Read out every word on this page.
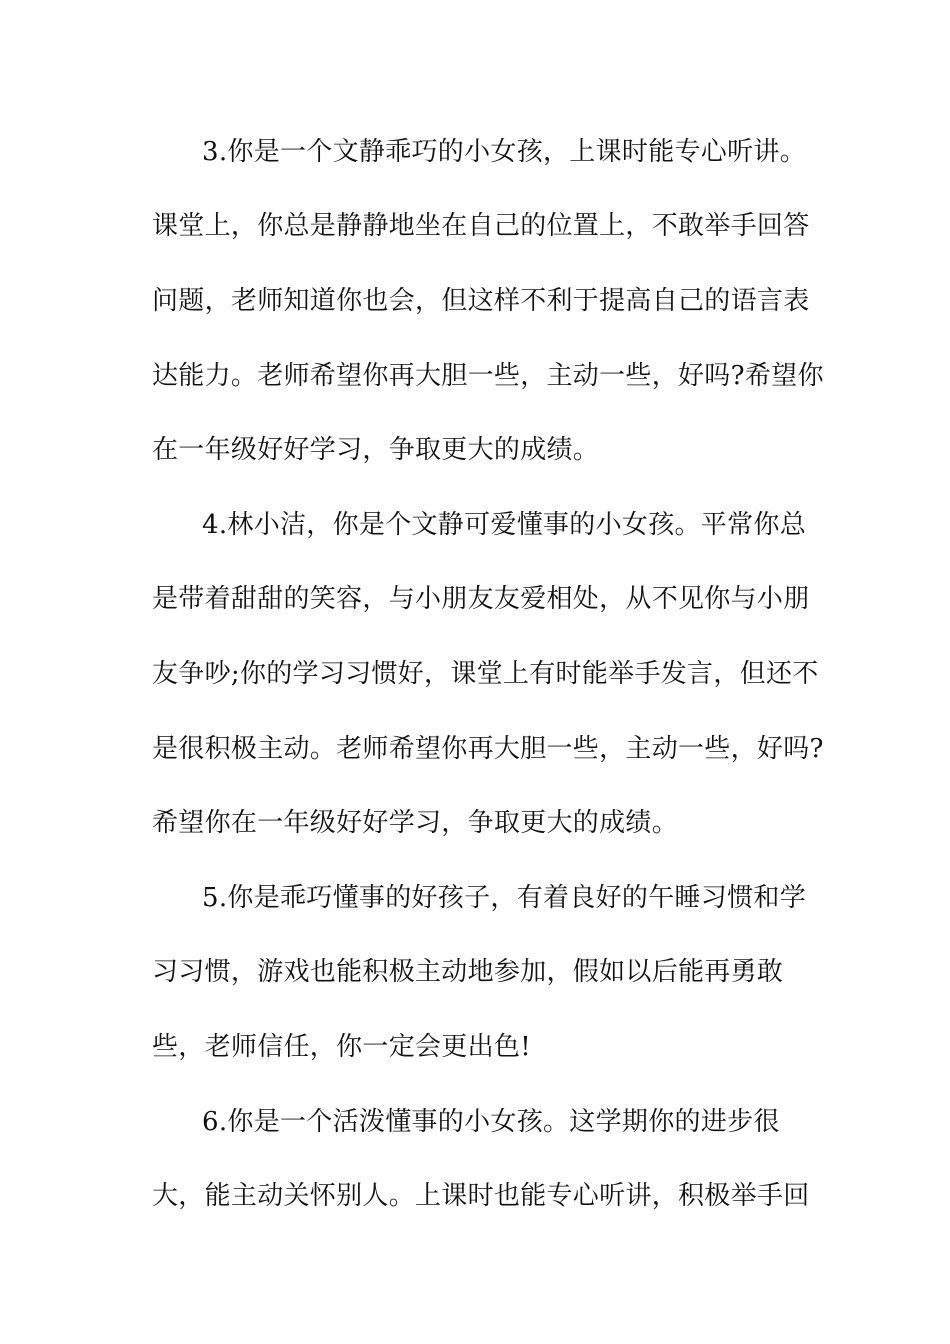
3.你是一个文静乖巧的小女孩，上课时能专心听讲。
课堂上，你总是静静地坐在自己的位置上，不敢举手回答
问题，老师知道你也会，但这样不利于提高自己的语言表
达能力。老师希望你再大胆一些，主动一些，好吗?希望你
在一年级好好学习，争取更大的成绩。
4.林小洁，你是个文静可爱懂事的小女孩。平常你总
是带着甜甜的笑容，与小朋友友爱相处，从不见你与小朋
友争吵;你的学习习惯好，课堂上有时能举手发言，但还不
是很积极主动。老师希望你再大胆一些，主动一些，好吗?
希望你在一年级好好学习，争取更大的成绩。
5.你是乖巧懂事的好孩子，有着良好的午睡习惯和学
习习惯，游戏也能积极主动地参加，假如以后能再勇敢
些，老师信任，你一定会更出色!
6.你是一个活泼懂事的小女孩。这学期你的进步很
大，能主动关怀别人。上课时也能专心听讲，积极举手回
